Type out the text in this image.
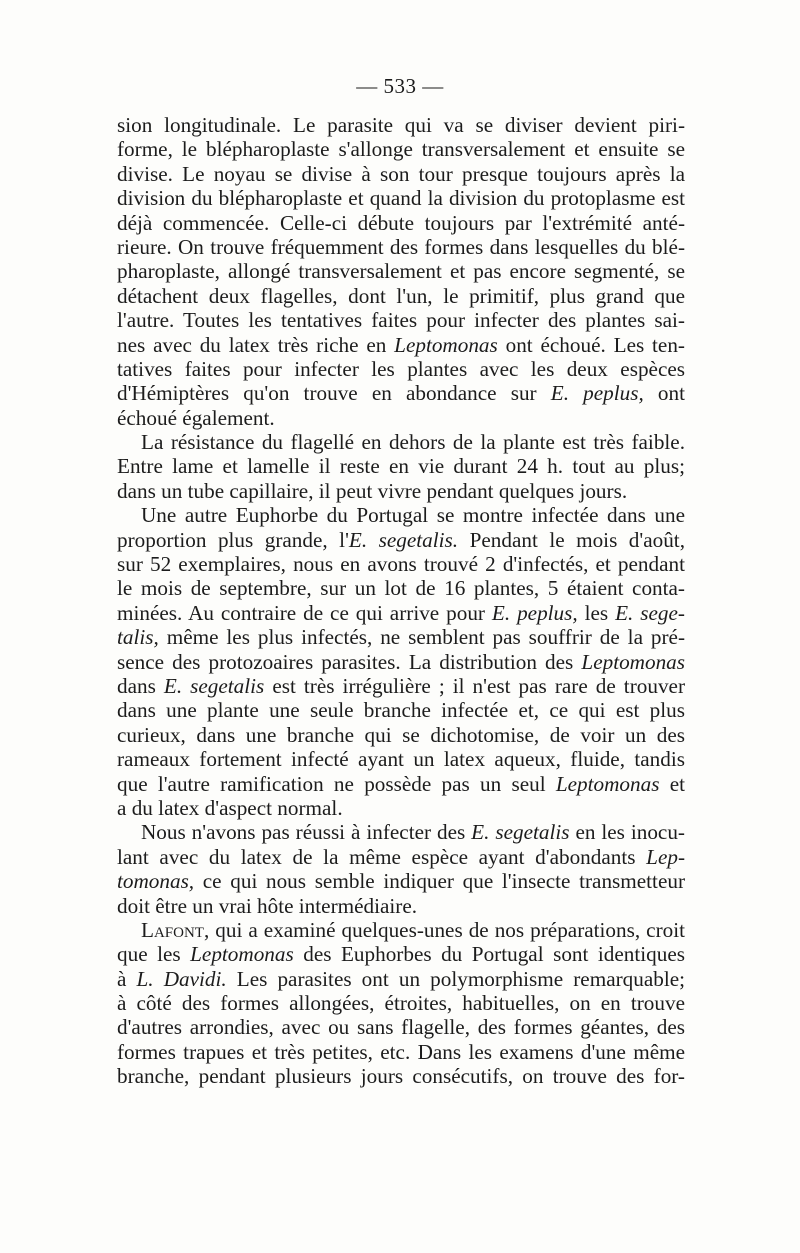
— 533 —
sion longitudinale. Le parasite qui va se diviser devient piri-
forme, le blépharoplaste s'allonge transversalement et ensuite se
divise. Le noyau se divise à son tour presque toujours après la
division du blépharoplaste et quand la division du protoplasme est
déjà commencée. Celle-ci débute toujours par l'extrémité anté-
rieure. On trouve fréquemment des formes dans lesquelles du blé-
pharoplaste, allongé transversalement et pas encore segmenté, se
détachent deux flagelles, dont l'un, le primitif, plus grand que
l'autre. Toutes les tentatives faites pour infecter des plantes sai-
nes avec du latex très riche en Leptomonas ont échoué. Les ten-
tatives faites pour infecter les plantes avec les deux espèces
d'Hémiptères qu'on trouve en abondance sur E. peplus, ont
échoué également.
La résistance du flagellé en dehors de la plante est très faible.
Entre lame et lamelle il reste en vie durant 24 h. tout au plus;
dans un tube capillaire, il peut vivre pendant quelques jours.
Une autre Euphorbe du Portugal se montre infectée dans une
proportion plus grande, l'E. segetalis. Pendant le mois d'août,
sur 52 exemplaires, nous en avons trouvé 2 d'infectés, et pendant
le mois de septembre, sur un lot de 16 plantes, 5 étaient conta-
minées. Au contraire de ce qui arrive pour E. peplus, les E. sege-
talis, même les plus infectés, ne semblent pas souffrir de la pré-
sence des protozoaires parasites. La distribution des Leptomonas
dans E. segetalis est très irrégulière ; il n'est pas rare de trouver
dans une plante une seule branche infectée et, ce qui est plus
curieux, dans une branche qui se dichotomise, de voir un des
rameaux fortement infecté ayant un latex aqueux, fluide, tandis
que l'autre ramification ne possède pas un seul Leptomonas et
a du latex d'aspect normal.
Nous n'avons pas réussi à infecter des E. segetalis en les inocu-
lant avec du latex de la même espèce ayant d'abondants Lep-
tomonas, ce qui nous semble indiquer que l'insecte transmetteur
doit être un vrai hôte intermédiaire.
Lafont, qui a examiné quelques-unes de nos préparations, croit
que les Leptomonas des Euphorbes du Portugal sont identiques
à L. Davidi. Les parasites ont un polymorphisme remarquable;
à côté des formes allongées, étroites, habituelles, on en trouve
d'autres arrondies, avec ou sans flagelle, des formes géantes, des
formes trapues et très petites, etc. Dans les examens d'une même
branche, pendant plusieurs jours consécutifs, on trouve des for-
